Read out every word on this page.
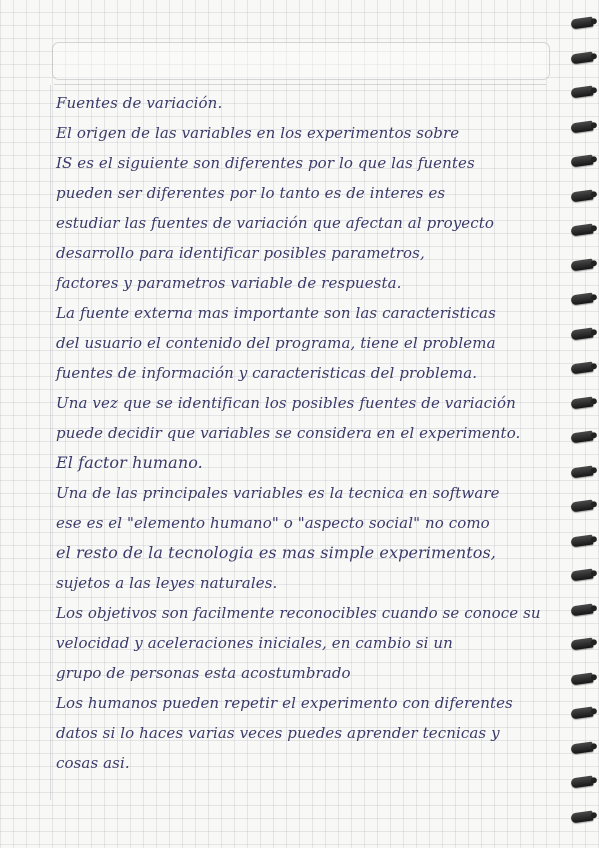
Fuentes de variación.
El origen de las variables en los experimentos sobre
IS es el siguiente son diferentes por lo que las fuentes
pueden ser diferentes por lo tanto es de interes es
estudiar las fuentes de variación que afectan al proyecto
desarrollo para identificar posibles parametros,
factores y parametros variable de respuesta.
La fuente externa mas importante son las caracteristicas
del usuario el contenido del programa, tiene el problema
fuentes de información y caracteristicas del problema.
Una vez que se identifican los posibles fuentes de variación
puede decidir que variables se considera en el experimento.
El factor humano.
Una de las principales variables es la tecnica en software
ese es el "elemento humano" o "aspecto social" no como
el resto de la tecnologia es mas simple experimentos,
sujetos a las leyes naturales.
Los objetivos son facilmente reconocibles cuando se conoce su
velocidad y aceleraciones iniciales, en cambio si un
grupo de personas esta acostumbrado
Los humanos pueden repetir el experimento con diferentes
datos si lo haces varias veces puedes aprender tecnicas y
cosas asi.
